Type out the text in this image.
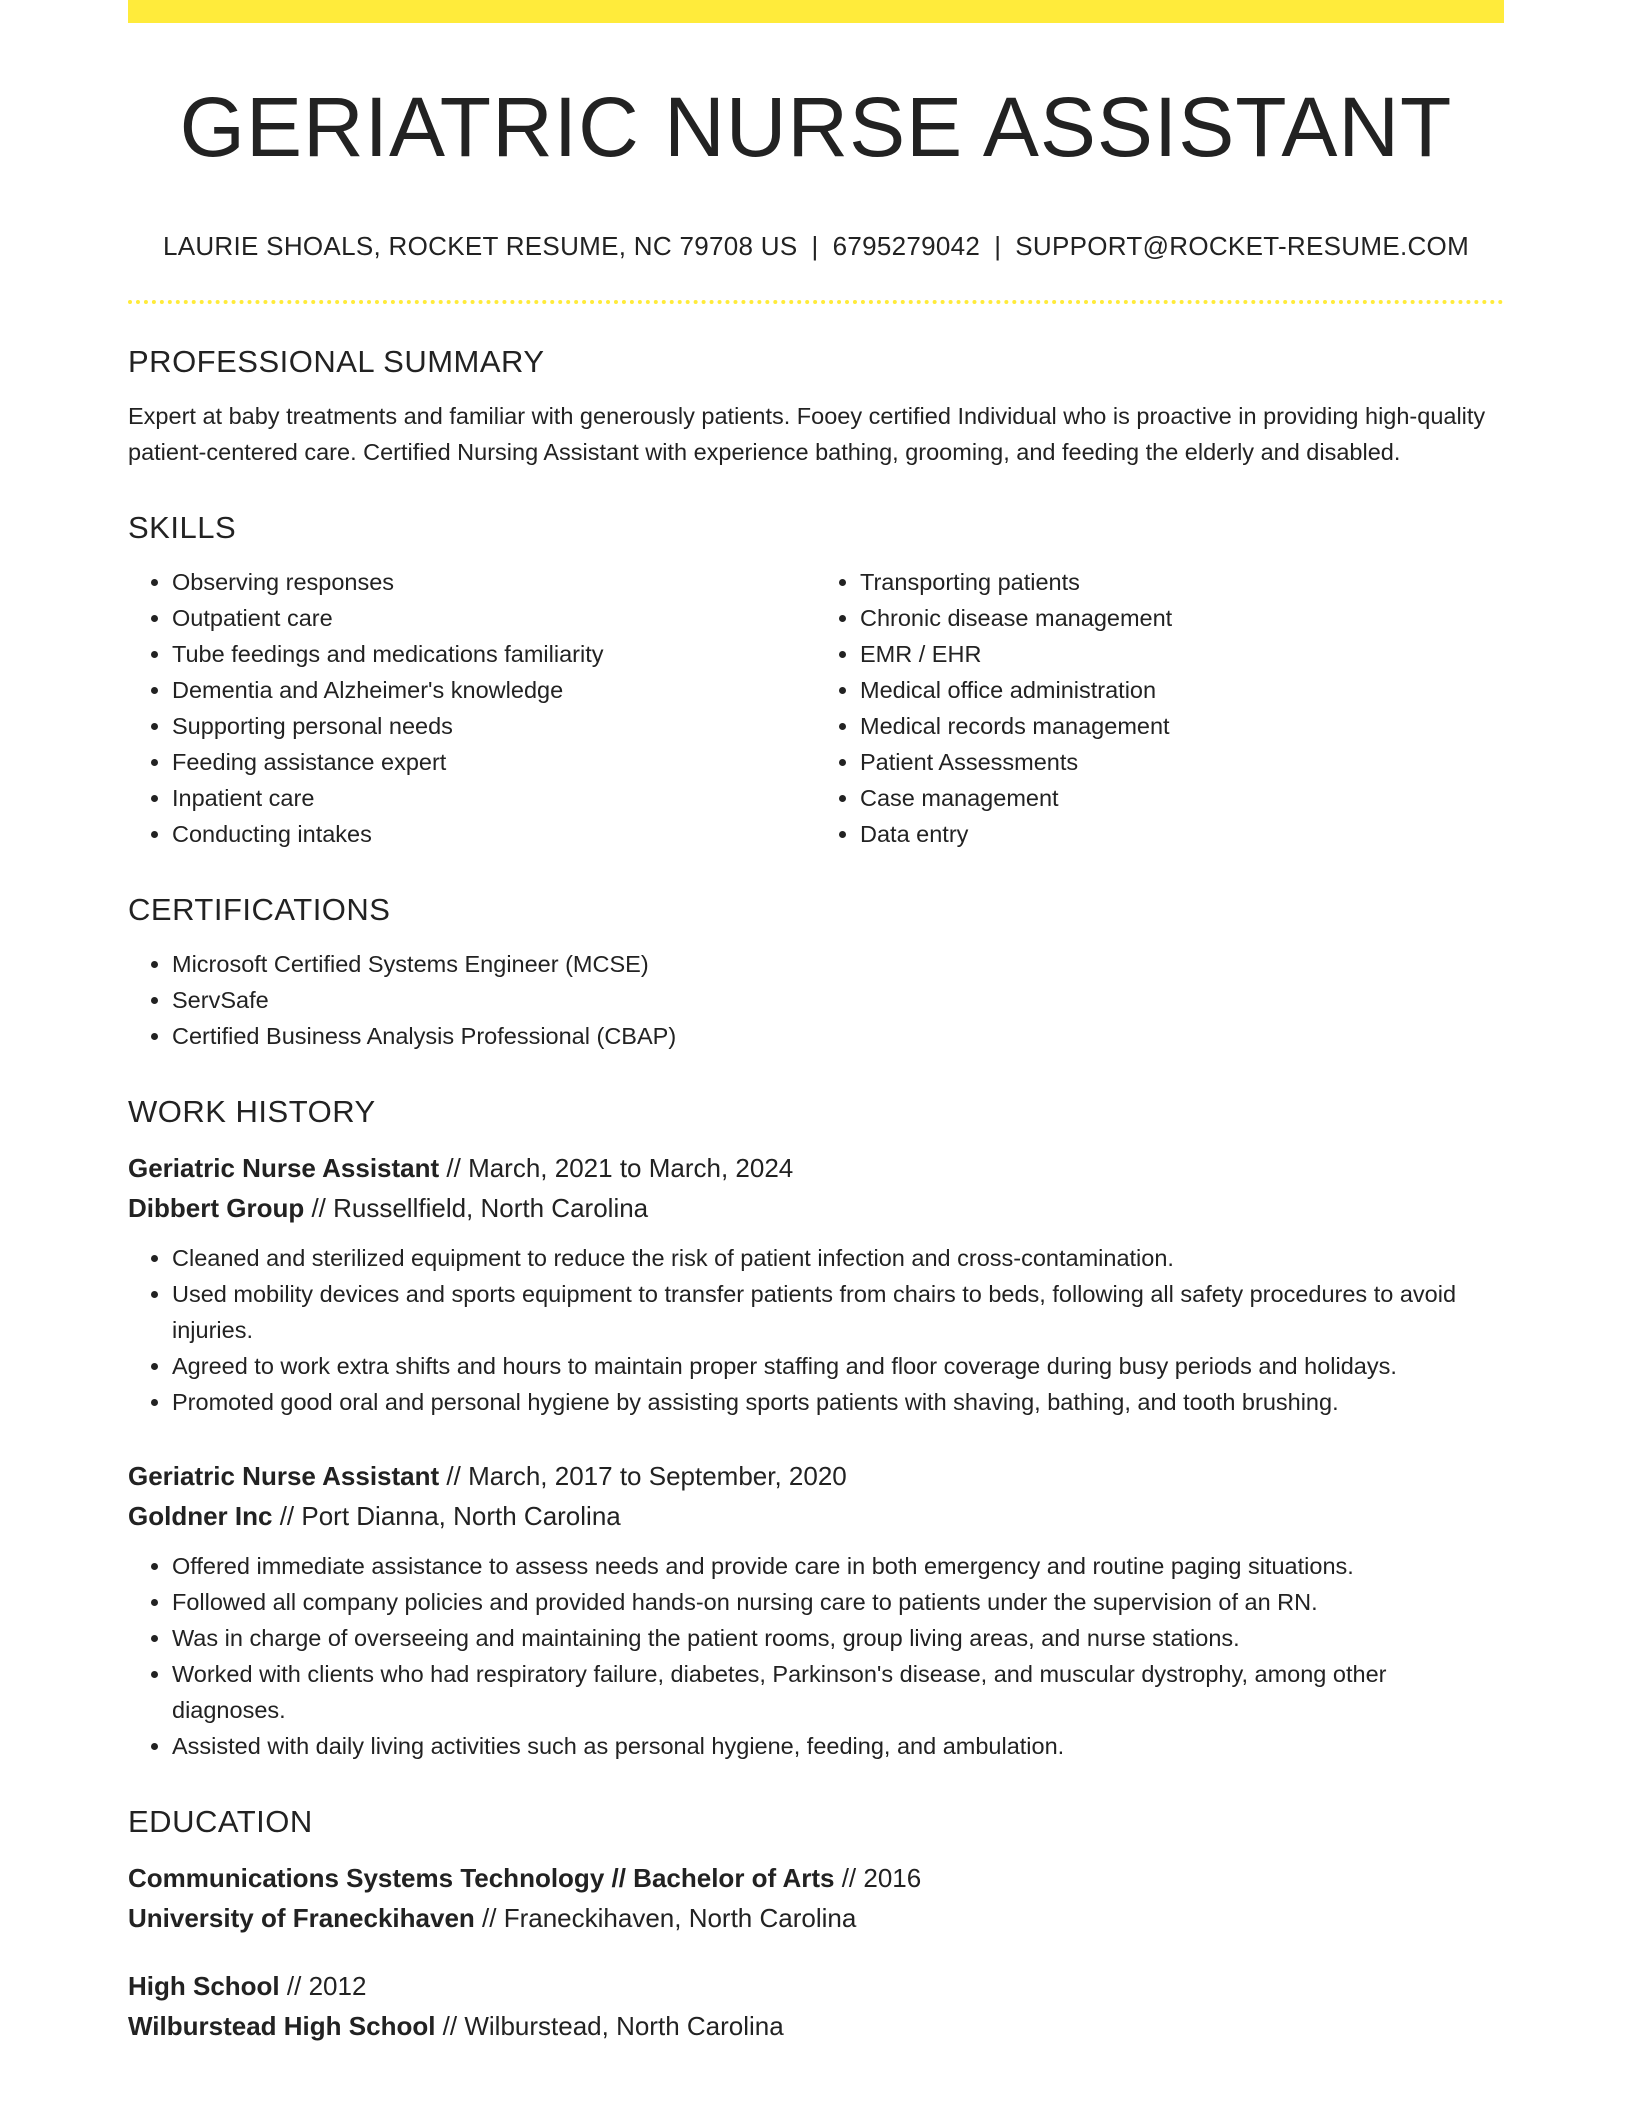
GERIATRIC NURSE ASSISTANT
LAURIE SHOALS, ROCKET RESUME, NC 79708 US | 6795279042 | SUPPORT@ROCKET-RESUME.COM
PROFESSIONAL SUMMARY

Expert at baby treatments and familiar with generously patients. Fooey certified Individual who is proactive in providing high-quality patient-centered care. Certified Nursing Assistant with experience bathing, grooming, and feeding the elderly and disabled.

SKILLS
• Observing responses
• Outpatient care
• Tube feedings and medications familiarity
• Dementia and Alzheimer's knowledge
• Supporting personal needs
• Feeding assistance expert
• Inpatient care
• Conducting intakes
• Transporting patients
• Chronic disease management
• EMR / EHR
• Medical office administration
• Medical records management
• Patient Assessments
• Case management
• Data entry
CERTIFICATIONS
• Microsoft Certified Systems Engineer (MCSE)
• ServSafe
• Certified Business Analysis Professional (CBAP)
WORK HISTORY
Geriatric Nurse Assistant // March, 2021 to March, 2024
Dibbert Group // Russellfield, North Carolina
• Cleaned and sterilized equipment to reduce the risk of patient infection and cross-contamination.
• Used mobility devices and sports equipment to transfer patients from chairs to beds, following all safety procedures to avoid injuries.
• Agreed to work extra shifts and hours to maintain proper staffing and floor coverage during busy periods and holidays.
• Promoted good oral and personal hygiene by assisting sports patients with shaving, bathing, and tooth brushing.
Geriatric Nurse Assistant // March, 2017 to September, 2020
Goldner Inc // Port Dianna, North Carolina
• Offered immediate assistance to assess needs and provide care in both emergency and routine paging situations.
• Followed all company policies and provided hands-on nursing care to patients under the supervision of an RN.
• Was in charge of overseeing and maintaining the patient rooms, group living areas, and nurse stations.
• Worked with clients who had respiratory failure, diabetes, Parkinson's disease, and muscular dystrophy, among other diagnoses.
• Assisted with daily living activities such as personal hygiene, feeding, and ambulation.
EDUCATION
Communications Systems Technology // Bachelor of Arts // 2016
University of Franeckihaven // Franeckihaven, North Carolina
High School // 2012
Wilburstead High School // Wilburstead, North Carolina
